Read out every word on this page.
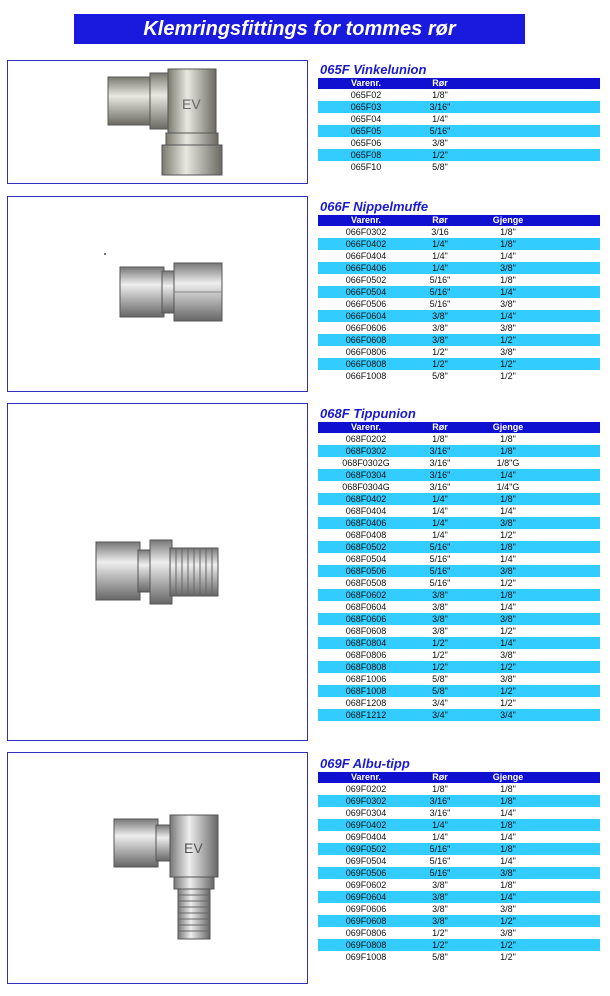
Klemringsfittings for tommes rør
EV
065F Vinkelunion
Varenr.	Rør	
065F02	1/8"	
065F03	3/16"	
065F04	1/4"	
065F05	5/16"	
065F06	3/8"	
065F08	1/2"	
065F10	5/8"	
066F Nippelmuffe
Varenr.	Rør	Gjenge	
066F0302	3/16	1/8"	
066F0402	1/4"	1/8"	
066F0404	1/4"	1/4"	
066F0406	1/4"	3/8"	
066F0502	5/16"	1/8"	
066F0504	5/16"	1/4"	
066F0506	5/16"	3/8"	
066F0604	3/8"	1/4"	
066F0606	3/8"	3/8"	
066F0608	3/8"	1/2"	
066F0806	1/2"	3/8"	
066F0808	1/2"	1/2"	
066F1008	5/8"	1/2"	
068F Tippunion
Varenr.	Rør	Gjenge	
068F0202	1/8"	1/8"	
068F0302	3/16"	1/8"	
068F0302G	3/16"	1/8"G	
068F0304	3/16"	1/4"	
068F0304G	3/16"	1/4"G	
068F0402	1/4"	1/8"	
068F0404	1/4"	1/4"	
068F0406	1/4"	3/8"	
068F0408	1/4"	1/2"	
068F0502	5/16"	1/8"	
068F0504	5/16"	1/4"	
068F0506	5/16"	3/8"	
068F0508	5/16"	1/2"	
068F0602	3/8"	1/8"	
068F0604	3/8"	1/4"	
068F0606	3/8"	3/8"	
068F0608	3/8"	1/2"	
068F0804	1/2"	1/4"	
068F0806	1/2"	3/8"	
068F0808	1/2"	1/2"	
068F1006	5/8"	3/8"	
068F1008	5/8"	1/2"	
068F1208	3/4"	1/2"	
068F1212	3/4"	3/4"	
EV
069F Albu-tipp
Varenr.	Rør	Gjenge	
069F0202	1/8"	1/8"	
069F0302	3/16"	1/8"	
069F0304	3/16"	1/4"	
069F0402	1/4"	1/8"	
069F0404	1/4"	1/4"	
069F0502	5/16"	1/8"	
069F0504	5/16"	1/4"	
069F0506	5/16"	3/8"	
069F0602	3/8"	1/8"	
069F0604	3/8"	1/4"	
069F0606	3/8"	3/8"	
069F0608	3/8"	1/2"	
069F0806	1/2"	3/8"	
069F0808	1/2"	1/2"	
069F1008	5/8"	1/2"	
